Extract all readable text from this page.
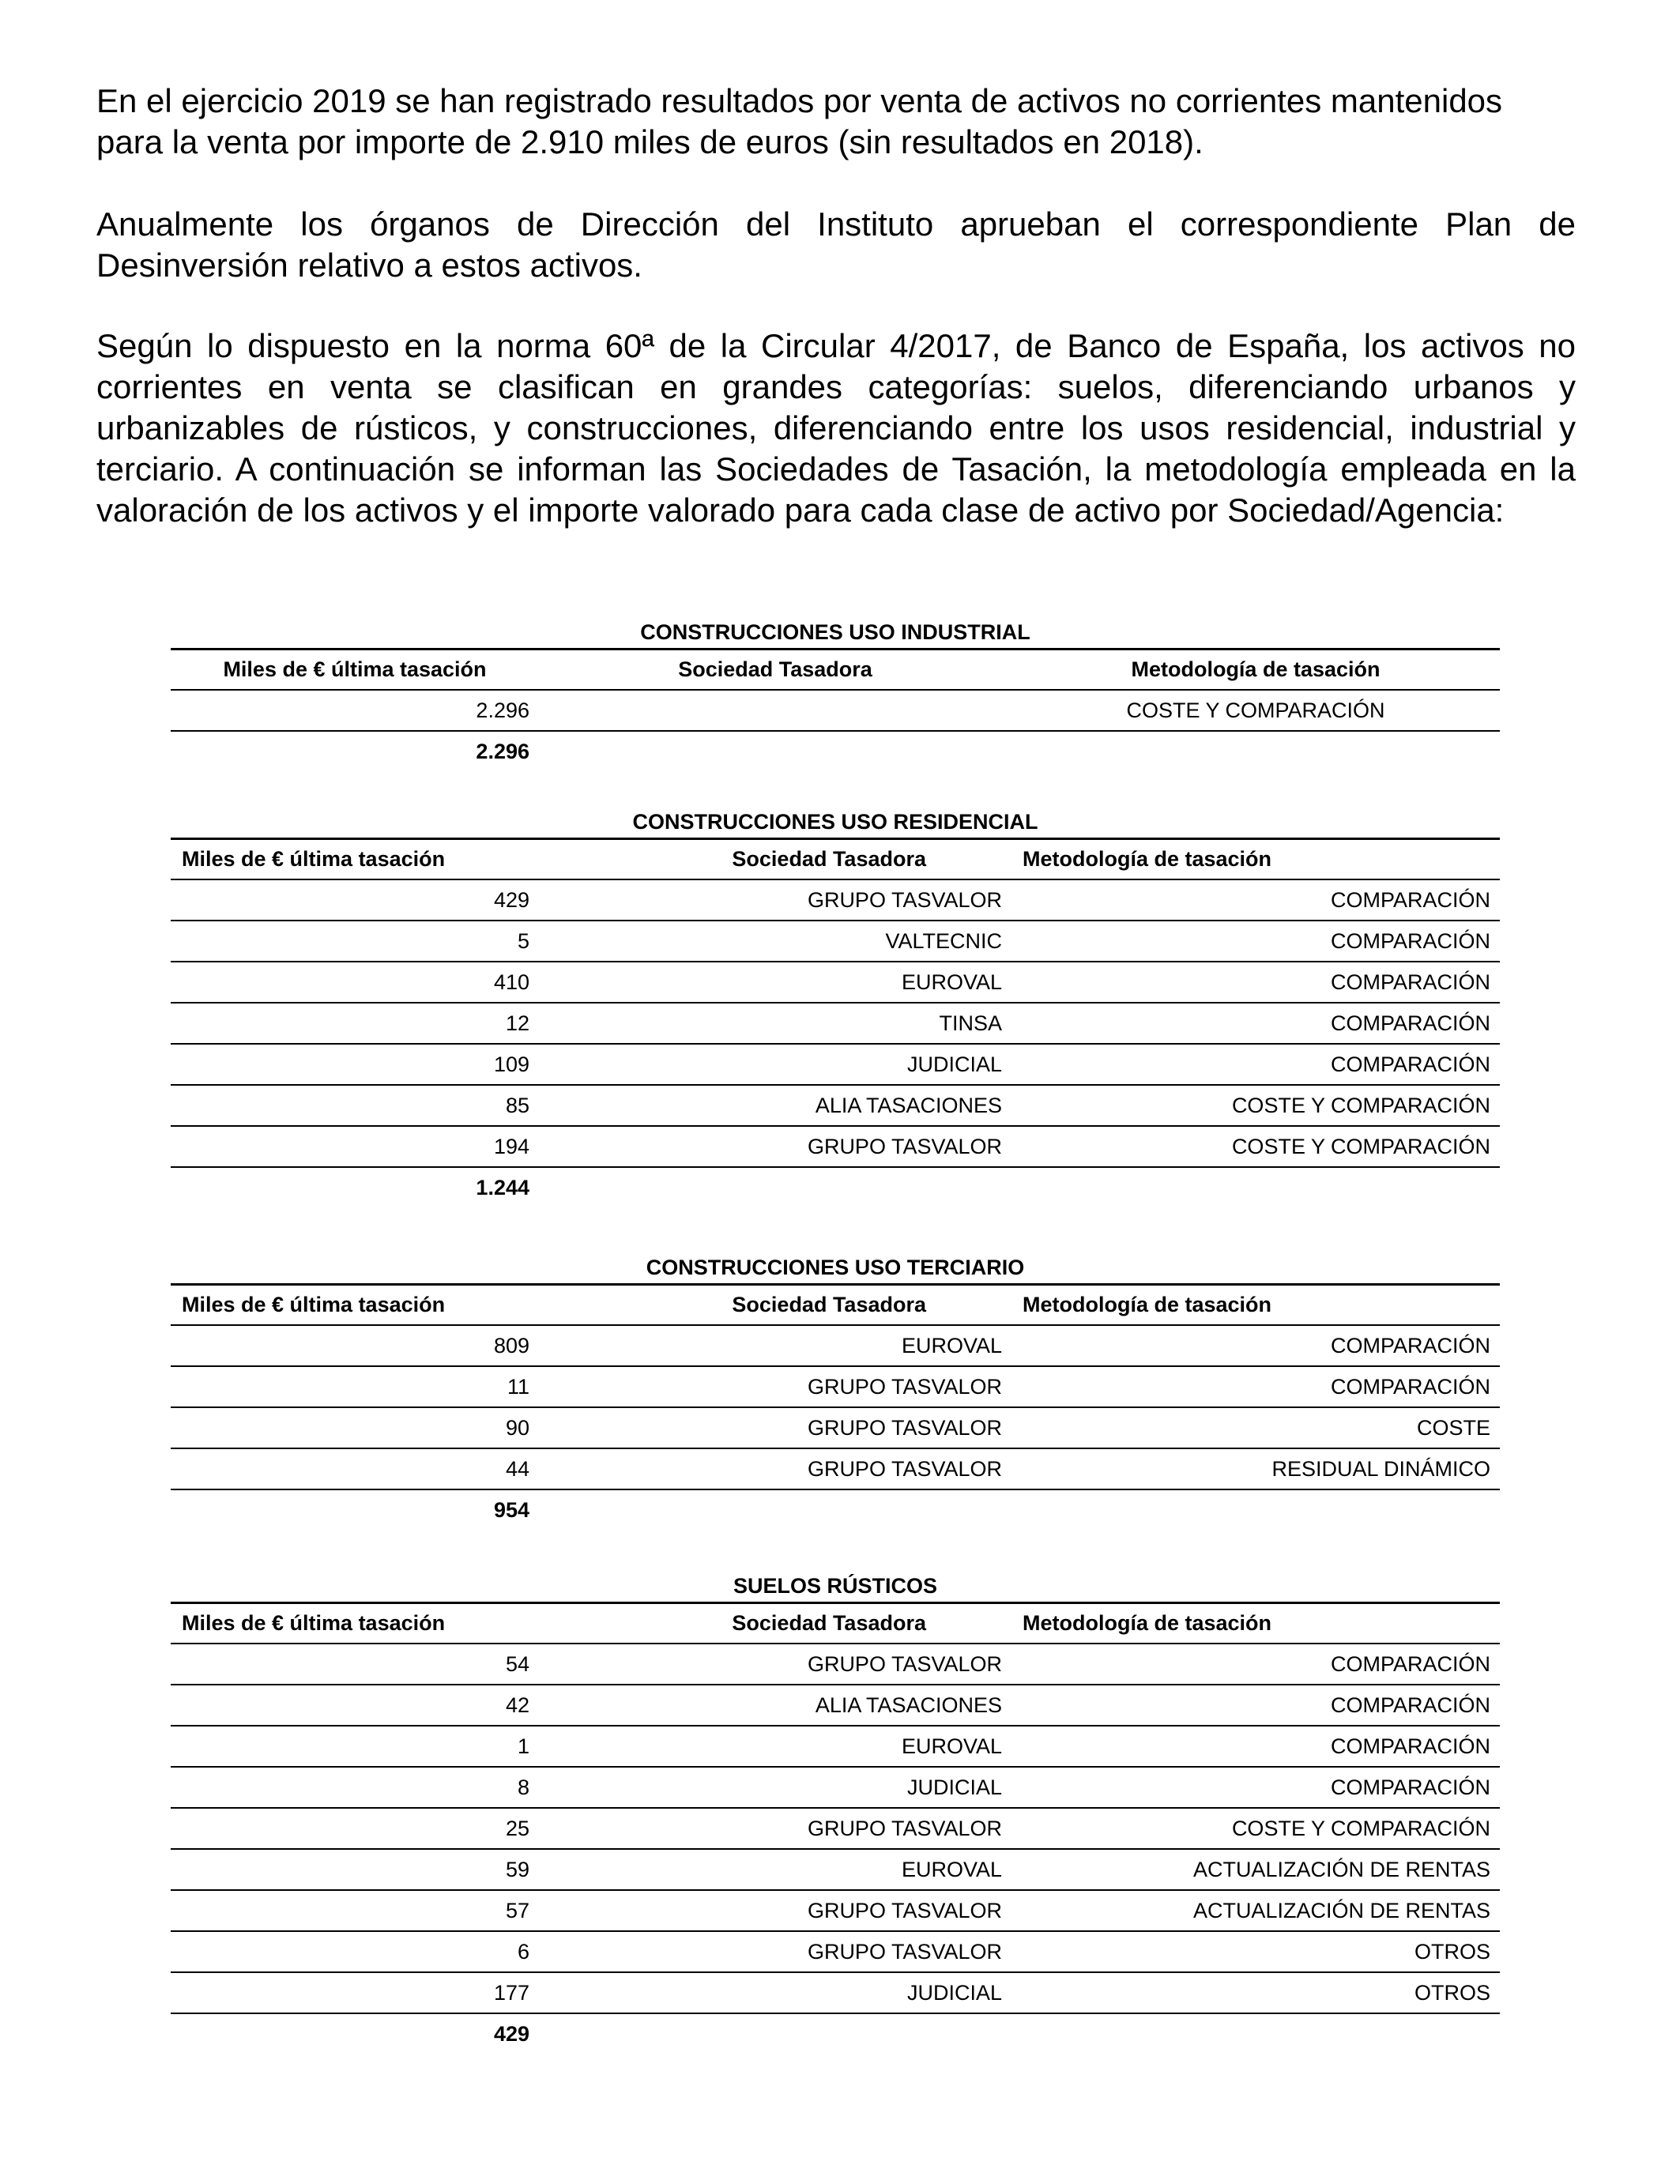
En el ejercicio 2019 se han registrado resultados por venta de activos no corrientes mantenidos para la venta por importe de 2.910 miles de euros (sin resultados en 2018).

Anualmente los órganos de Dirección del Instituto aprueban el correspondiente Plan de Desinversión relativo a estos activos.

Según lo dispuesto en la norma 60ª de la Circular 4/2017, de Banco de España, los activos no corrientes en venta se clasifican en grandes categorías: suelos, diferenciando urbanos y urbanizables de rústicos, y construcciones, diferenciando entre los usos residencial, industrial y terciario. A continuación se informan las Sociedades de Tasación, la metodología empleada en la valoración de los activos y el importe valorado para cada clase de activo por Sociedad/Agencia:

CONSTRUCCIONES USO INDUSTRIAL
Miles de € última tasación	Sociedad Tasadora	Metodología de tasación
2.296		COSTE Y COMPARACIÓN
2.296		
CONSTRUCCIONES USO RESIDENCIAL
Miles de € última tasación	Sociedad Tasadora	Metodología de tasación
429	GRUPO TASVALOR	COMPARACIÓN
5	VALTECNIC	COMPARACIÓN
410	EUROVAL	COMPARACIÓN
12	TINSA	COMPARACIÓN
109	JUDICIAL	COMPARACIÓN
85	ALIA TASACIONES	COSTE Y COMPARACIÓN
194	GRUPO TASVALOR	COSTE Y COMPARACIÓN
1.244		
CONSTRUCCIONES USO TERCIARIO
Miles de € última tasación	Sociedad Tasadora	Metodología de tasación
809	EUROVAL	COMPARACIÓN
11	GRUPO TASVALOR	COMPARACIÓN
90	GRUPO TASVALOR	COSTE
44	GRUPO TASVALOR	RESIDUAL DINÁMICO
954		
SUELOS RÚSTICOS
Miles de € última tasación	Sociedad Tasadora	Metodología de tasación
54	GRUPO TASVALOR	COMPARACIÓN
42	ALIA TASACIONES	COMPARACIÓN
1	EUROVAL	COMPARACIÓN
8	JUDICIAL	COMPARACIÓN
25	GRUPO TASVALOR	COSTE Y COMPARACIÓN
59	EUROVAL	ACTUALIZACIÓN DE RENTAS
57	GRUPO TASVALOR	ACTUALIZACIÓN DE RENTAS
6	GRUPO TASVALOR	OTROS
177	JUDICIAL	OTROS
429		
